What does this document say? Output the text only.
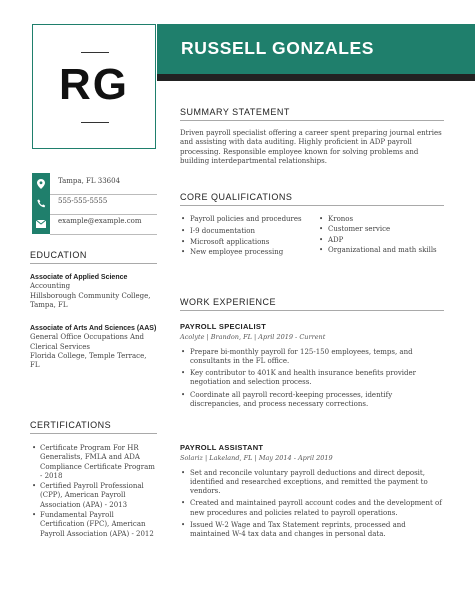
RG
RUSSELL GONZALES
Tampa, FL 33604
555-555-5555
example@example.com
EDUCATION
Associate of Applied Science
Accounting
Hillsborough Community College, Tampa, FL
Associate of Arts And Sciences (AAS)
General Office Occupations And Clerical Services
Florida College, Temple Terrace, FL
CERTIFICATIONS
• Certificate Program For HR Generalists, FMLA and ADA Compliance Certificate Program - 2018
• Certified Payroll Professional (CPP), American Payroll Association (APA) - 2013
• Fundamental Payroll Certification (FPC), American Payroll Association (APA) - 2012
SUMMARY STATEMENT
Driven payroll specialist offering a career spent preparing journal entries and assisting with data auditing. Highly proficient in ADP payroll processing. Responsible employee known for solving problems and building interdepartmental relationships.
CORE QUALIFICATIONS
• Payroll policies and procedures
• I-9 documentation
• Microsoft applications
• New employee processing
• Kronos
• Customer service
• ADP
• Organizational and math skills
WORK EXPERIENCE
PAYROLL SPECIALIST
Acolyte | Brandon, FL | April 2019 - Current
• Prepare bi-monthly payroll for 125-150 employees, temps, and consultants in the FL office.
• Key contributor to 401K and health insurance benefits provider negotiation and selection process.
• Coordinate all payroll record-keeping processes, identify discrepancies, and process necessary corrections.
PAYROLL ASSISTANT
Solariz | Lakeland, FL | May 2014 - April 2019
• Set and reconcile voluntary payroll deductions and direct deposit, identified and researched exceptions, and remitted the payment to vendors.
• Created and maintained payroll account codes and the development of new procedures and policies related to payroll operations.
• Issued W-2 Wage and Tax Statement reprints, processed and maintained W-4 tax data and changes in personal data.
